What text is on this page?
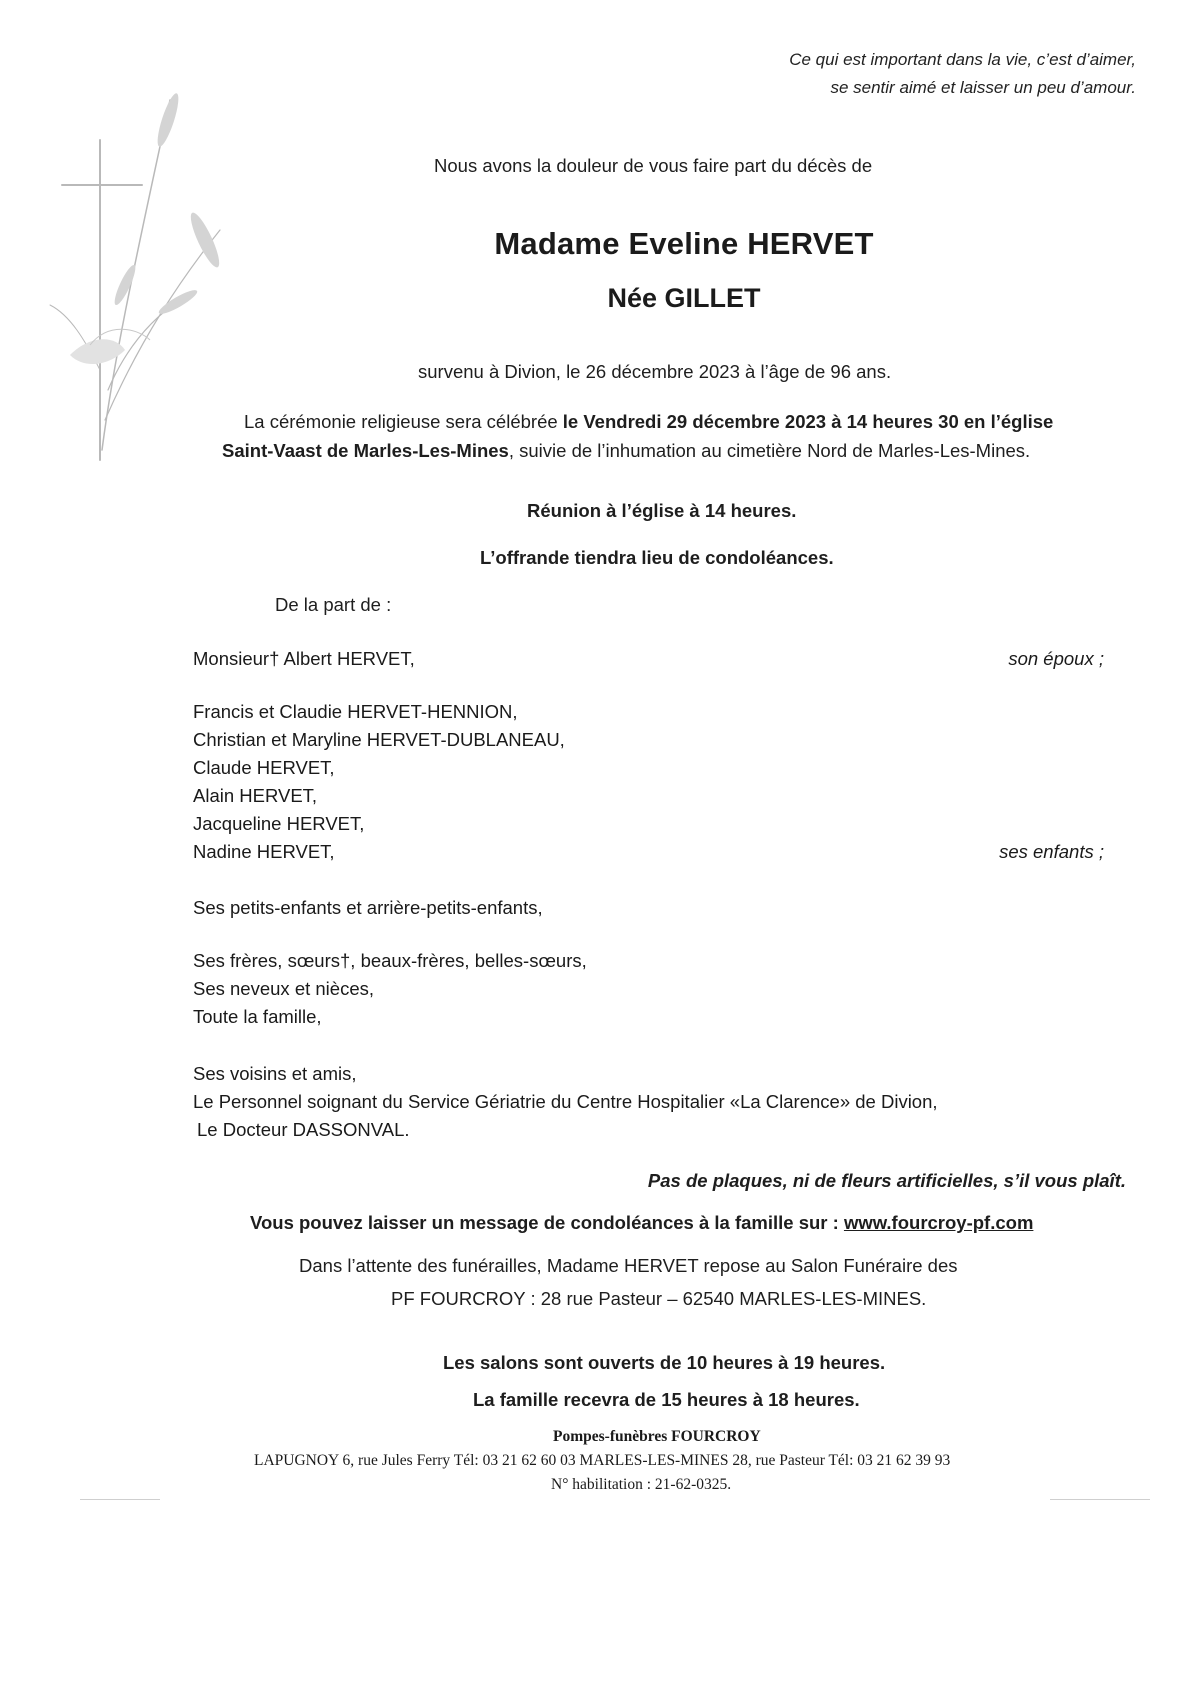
Ce qui est important dans la vie, c’est d’aimer,
se sentir aimé et laisser un peu d’amour.
Nous avons la douleur de vous faire part du décès de
Madame Eveline HERVET
Née GILLET
survenu à Divion, le 26 décembre 2023 à l’âge de 96 ans.
La cérémonie religieuse sera célébrée le Vendredi 29 décembre 2023 à 14 heures 30 en l’église
Saint-Vaast de Marles-Les-Mines, suivie de l’inhumation au cimetière Nord de Marles-Les-Mines.
Réunion à l’église à 14 heures.
L’offrande tiendra lieu de condoléances.
De la part de :
Monsieur† Albert HERVET,	son époux ;
Francis et Claudie HERVET-HENNION,
Christian et Maryline HERVET-DUBLANEAU,
Claude HERVET,
Alain HERVET,
Jacqueline HERVET,
Nadine HERVET,	ses enfants ;
Ses petits-enfants et arrière-petits-enfants,
Ses frères, sœurs†, beaux-frères, belles-sœurs,
Ses neveux et nièces,
Toute la famille,
Ses voisins et amis,
Le Personnel soignant du Service Gériatrie du Centre Hospitalier «La Clarence» de Divion,
Le Docteur DASSONVAL.
Pas de plaques, ni de fleurs artificielles, s’il vous plaît.
Vous pouvez laisser un message de condoléances à la famille sur : www.fourcroy-pf.com
Dans l’attente des funérailles, Madame HERVET repose au Salon Funéraire des
PF FOURCROY : 28 rue Pasteur – 62540 MARLES-LES-MINES.
Les salons sont ouverts de 10 heures à 19 heures.
La famille recevra de 15 heures à 18 heures.
Pompes-funèbres FOURCROY
LAPUGNOY 6, rue Jules Ferry Tél: 03 21 62 60 03 MARLES-LES-MINES 28, rue Pasteur Tél: 03 21 62 39 93
N° habilitation : 21-62-0325.
